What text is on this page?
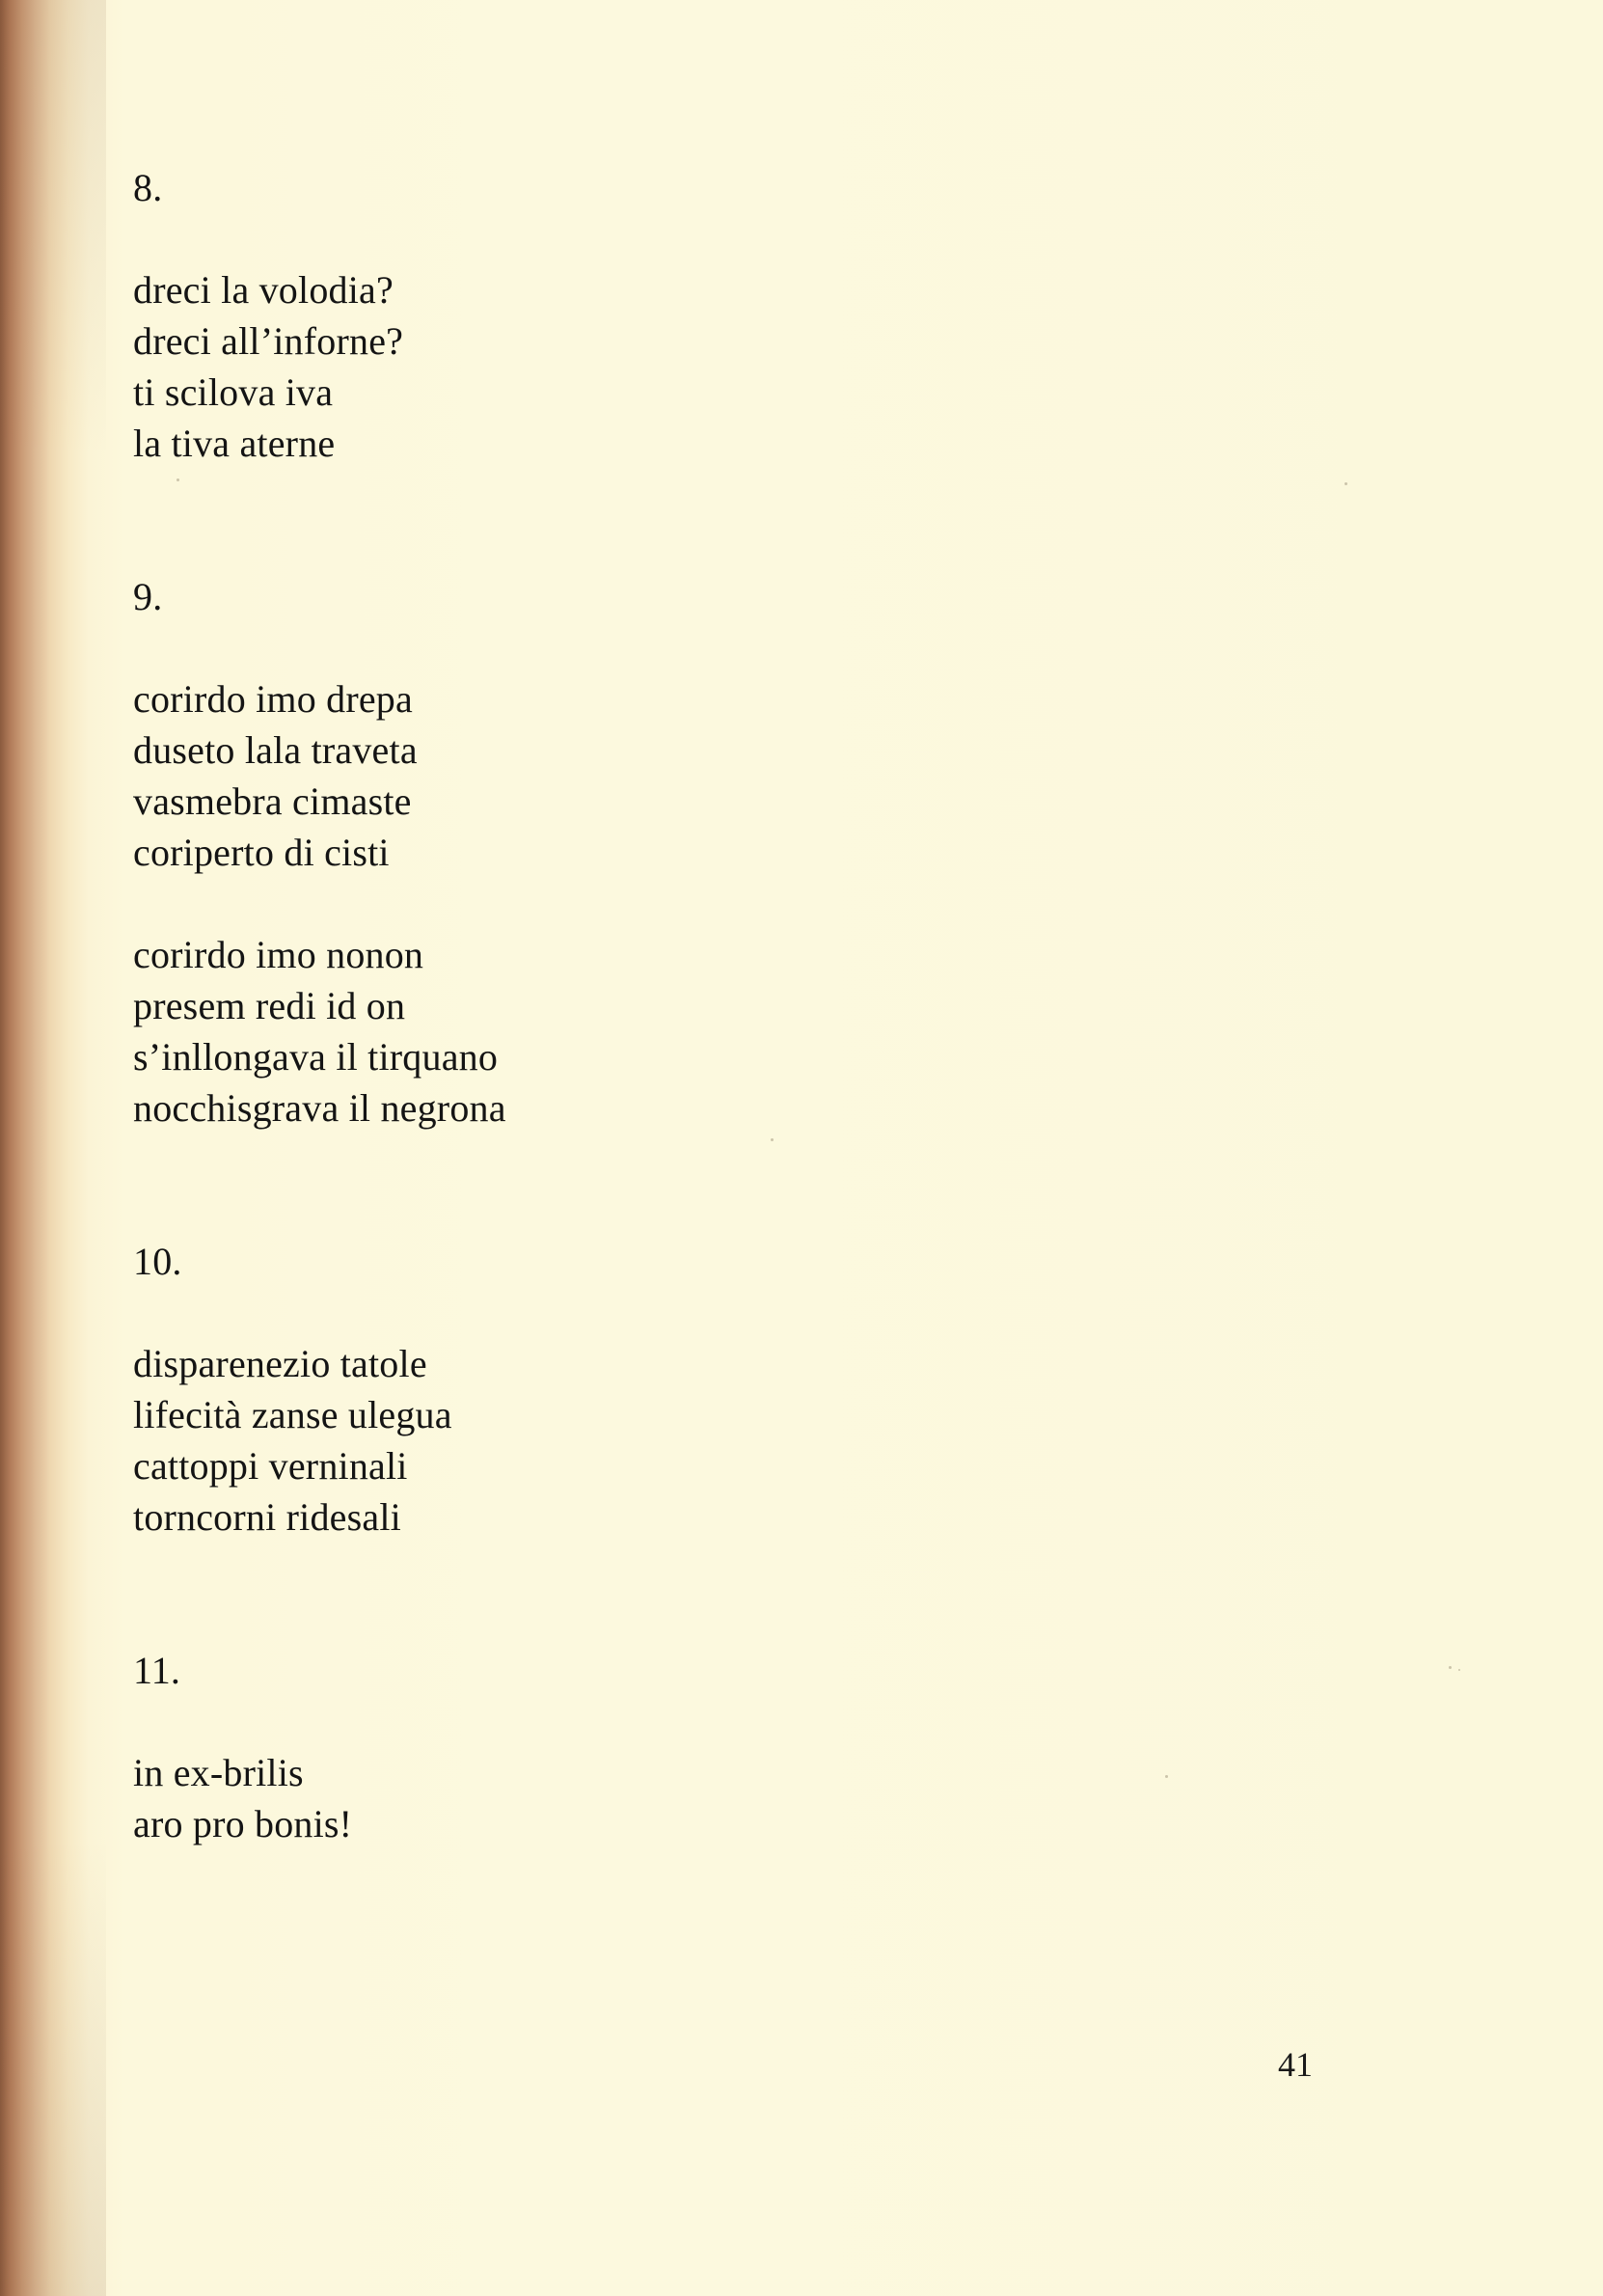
8.
dreci la volodia?
dreci all’inforne?
ti scilova iva
la tiva aterne
9.
corirdo imo drepa
duseto lala traveta
vasmebra cimaste
coriperto di cisti
corirdo imo nonon
presem redi id on
s’inllongava il tirquano
nocchisgrava il negrona
10.
disparenezio tatole
lifecità zanse ulegua
cattoppi verninali
torncorni ridesali
11.
in ex-brilis
aro pro bonis!
41
